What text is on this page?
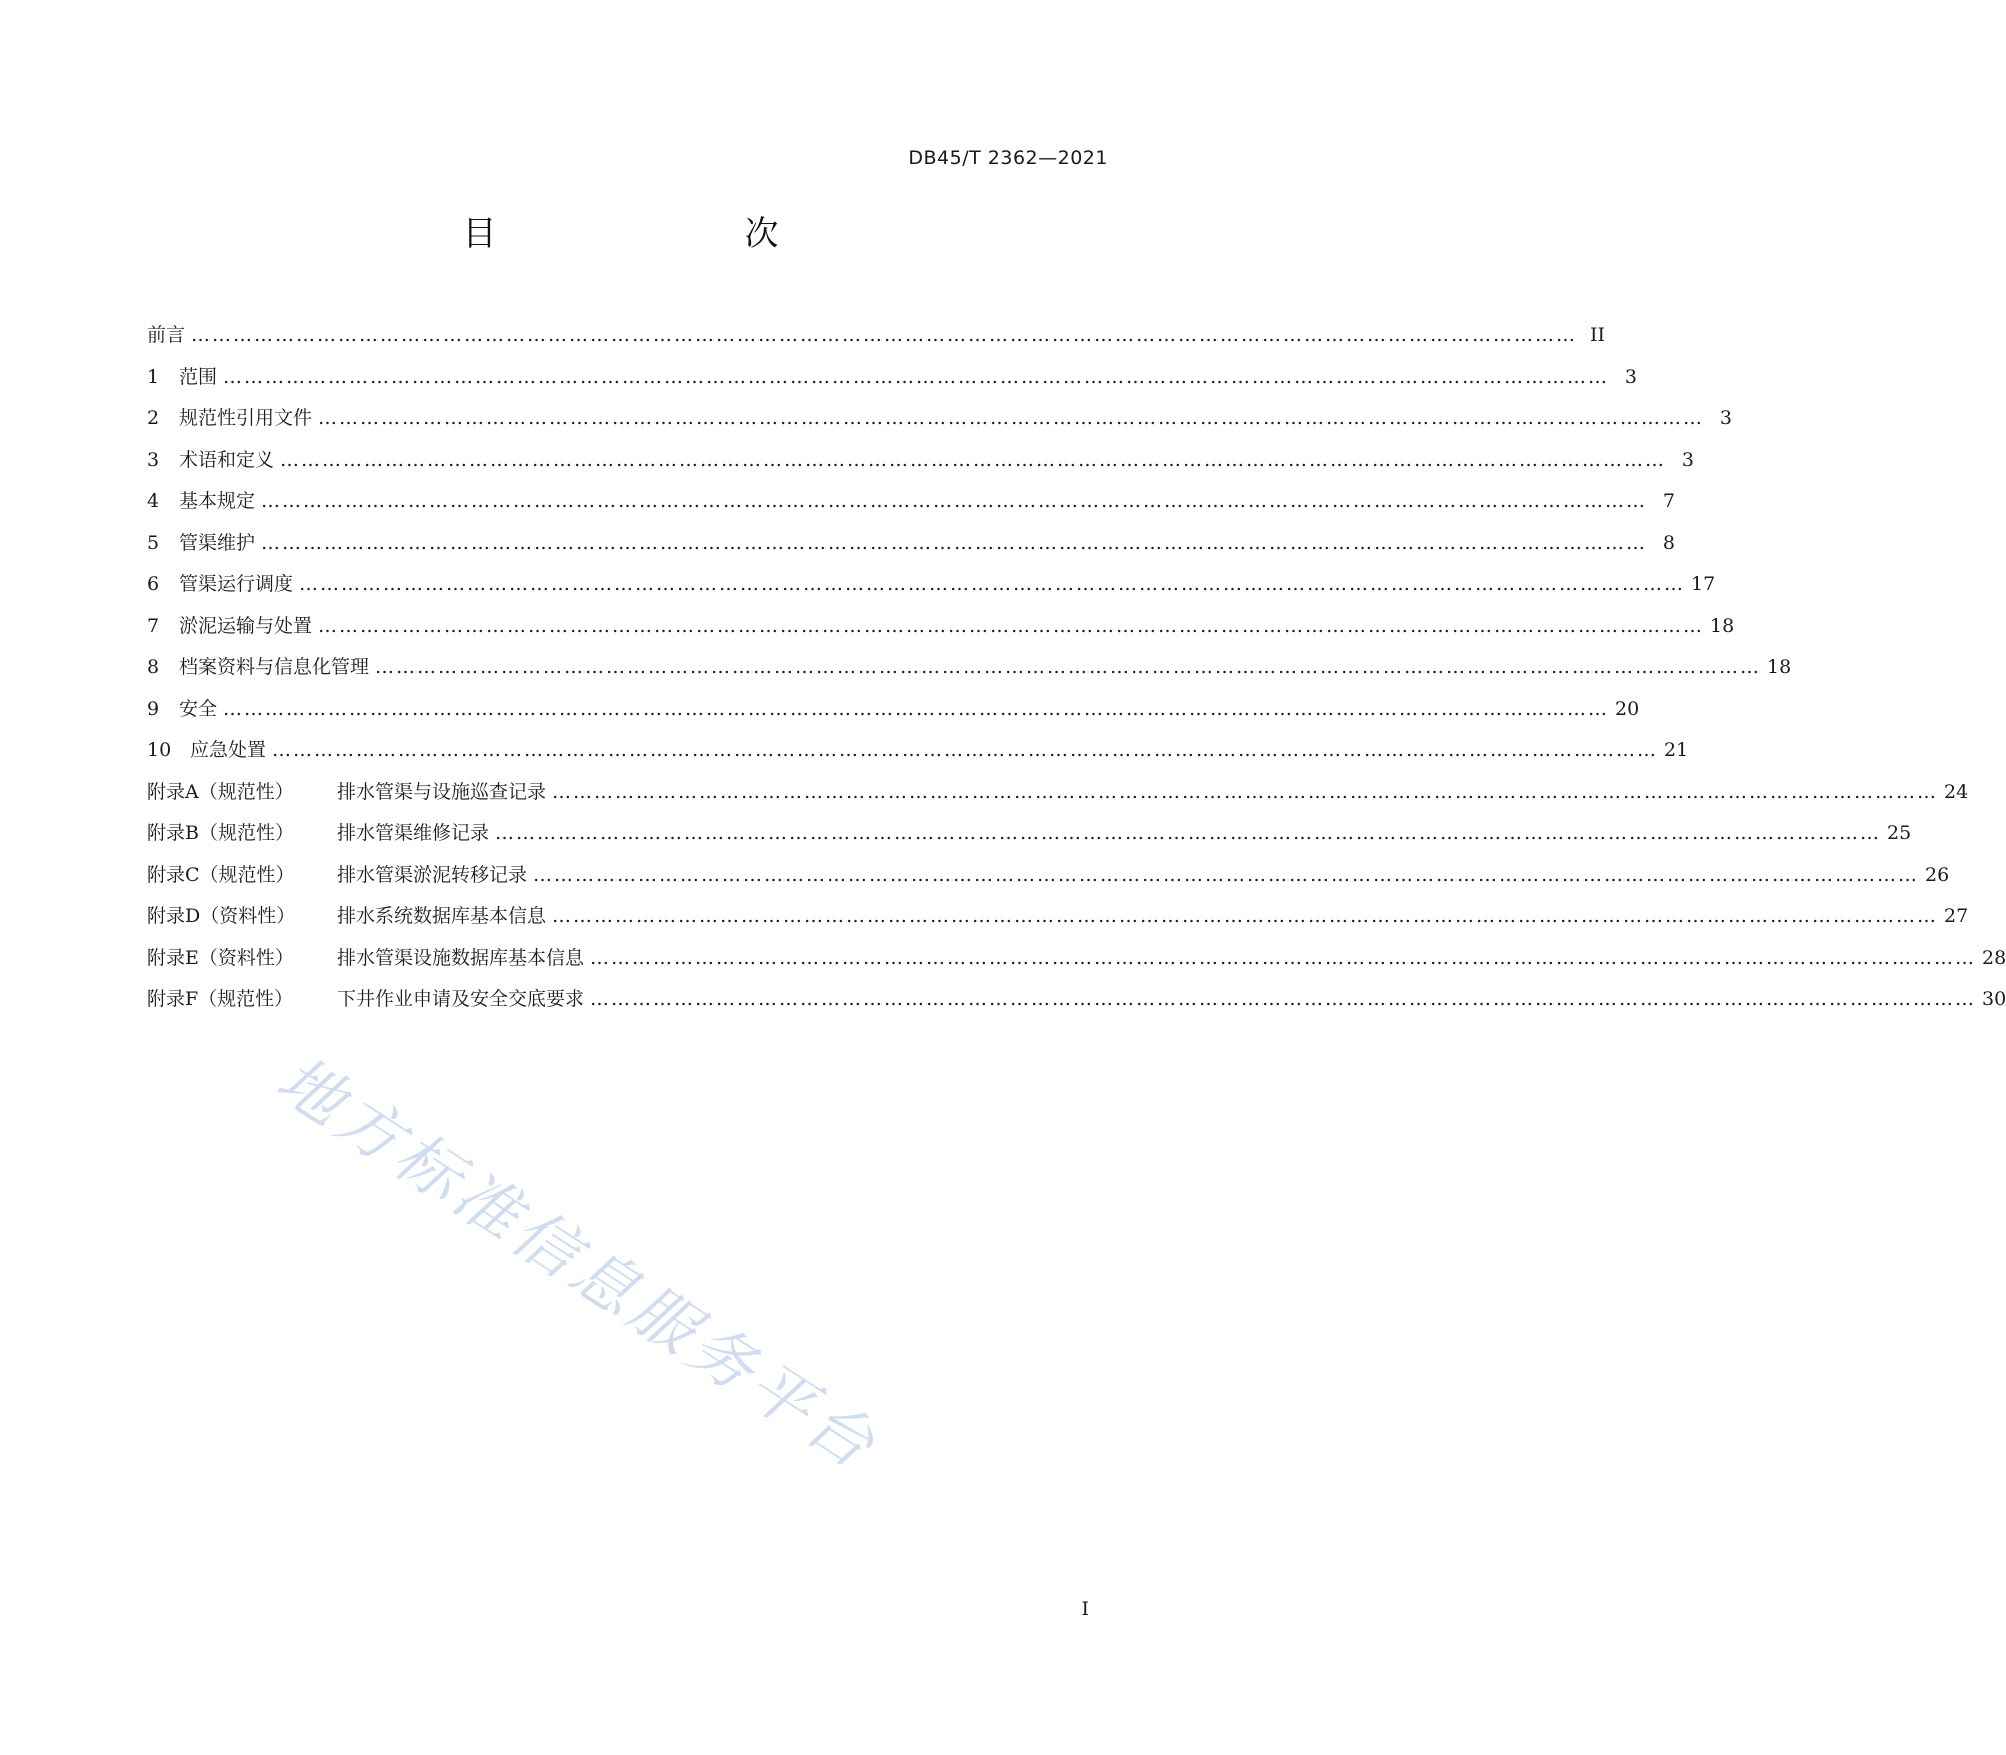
DB45/T 2362—2021
目　　次
前言 ……………………………………………………………………………………………………………………………………………………………………………… II
1	范围 ……………………………………………………………………………………………………………………………………………………………………………… 3
2	规范性引用文件 ……………………………………………………………………………………………………………………………………………………………………………… 3
3	术语和定义 ……………………………………………………………………………………………………………………………………………………………………………… 3
4	基本规定 ……………………………………………………………………………………………………………………………………………………………………………… 7
5	管渠维护 ……………………………………………………………………………………………………………………………………………………………………………… 8
6	管渠运行调度 ……………………………………………………………………………………………………………………………………………………………………………… 17
7	淤泥运输与处置 ……………………………………………………………………………………………………………………………………………………………………………… 18
8	档案资料与信息化管理 ……………………………………………………………………………………………………………………………………………………………………………… 18
9	安全 ……………………………………………………………………………………………………………………………………………………………………………… 20
10 应急处置 ……………………………………………………………………………………………………………………………………………………………………………… 21
附录A（规范性）	排水管渠与设施巡查记录 ……………………………………………………………………………………………………………………………………………………………………………… 24
附录B（规范性）	排水管渠维修记录 ……………………………………………………………………………………………………………………………………………………………………………… 25
附录C（规范性）	排水管渠淤泥转移记录 ……………………………………………………………………………………………………………………………………………………………………………… 26
附录D（资料性）	排水系统数据库基本信息 ……………………………………………………………………………………………………………………………………………………………………………… 27
附录E（资料性）	排水管渠设施数据库基本信息 ……………………………………………………………………………………………………………………………………………………………………………… 28
附录F（规范性）	下井作业申请及安全交底要求 ……………………………………………………………………………………………………………………………………………………………………………… 30
地方标准信息服务平台
I
